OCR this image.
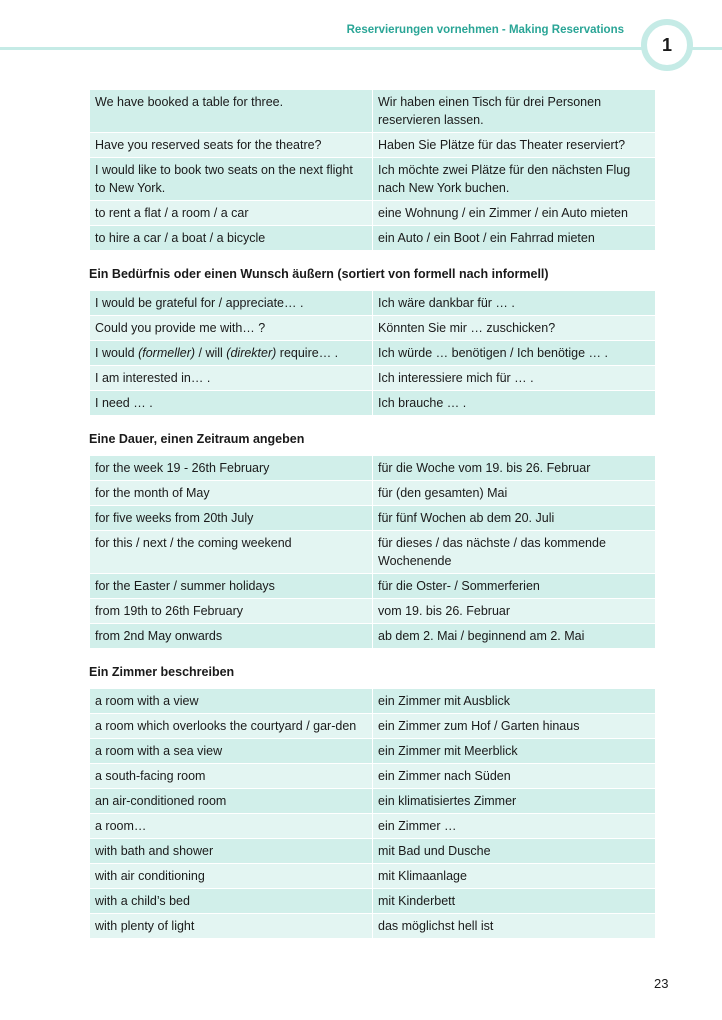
Reservierungen vornehmen - Making Reservations
1
We have booked a table for three.	Wir haben einen Tisch für drei Personen reservieren lassen.
Have you reserved seats for the theatre?	Haben Sie Plätze für das Theater reserviert?
I would like to book two seats on the next flight to New York.	Ich möchte zwei Plätze für den nächsten Flug nach New York buchen.
to rent a flat / a room / a car	eine Wohnung / ein Zimmer / ein Auto mieten
to hire a car / a boat / a bicycle	ein Auto / ein Boot / ein Fahrrad mieten
Ein Bedürfnis oder einen Wunsch äußern (sortiert von formell nach informell)
I would be grateful for / appreciate… .	Ich wäre dankbar für … .
Could you provide me with… ?	Könnten Sie mir … zuschicken?
I would (formeller) / will (direkter) require… .	Ich würde … benötigen / Ich benötige … .
I am interested in… .	Ich interessiere mich für … .
I need … .	Ich brauche … .
Eine Dauer, einen Zeitraum angeben
for the week 19 - 26th February	für die Woche vom 19. bis 26. Februar
for the month of May	für (den gesamten) Mai
for five weeks from 20th July	für fünf Wochen ab dem 20. Juli
for this / next / the coming weekend	für dieses / das nächste / das kommende Wochenende
for the Easter / summer holidays	für die Oster- / Sommerferien
from 19th to 26th February	vom 19. bis 26. Februar
from 2nd May onwards	ab dem 2. Mai / beginnend am 2. Mai
Ein Zimmer beschreiben
a room with a view	ein Zimmer mit Ausblick
a room which overlooks the courtyard / gar-den	ein Zimmer zum Hof / Garten hinaus
a room with a sea view	ein Zimmer mit Meerblick
a south-facing room	ein Zimmer nach Süden
an air-conditioned room	ein klimatisiertes Zimmer
a room…	ein Zimmer …
with bath and shower	mit Bad und Dusche
with air conditioning	mit Klimaanlage
with a child’s bed	mit Kinderbett
with plenty of light	das möglichst hell ist
23
